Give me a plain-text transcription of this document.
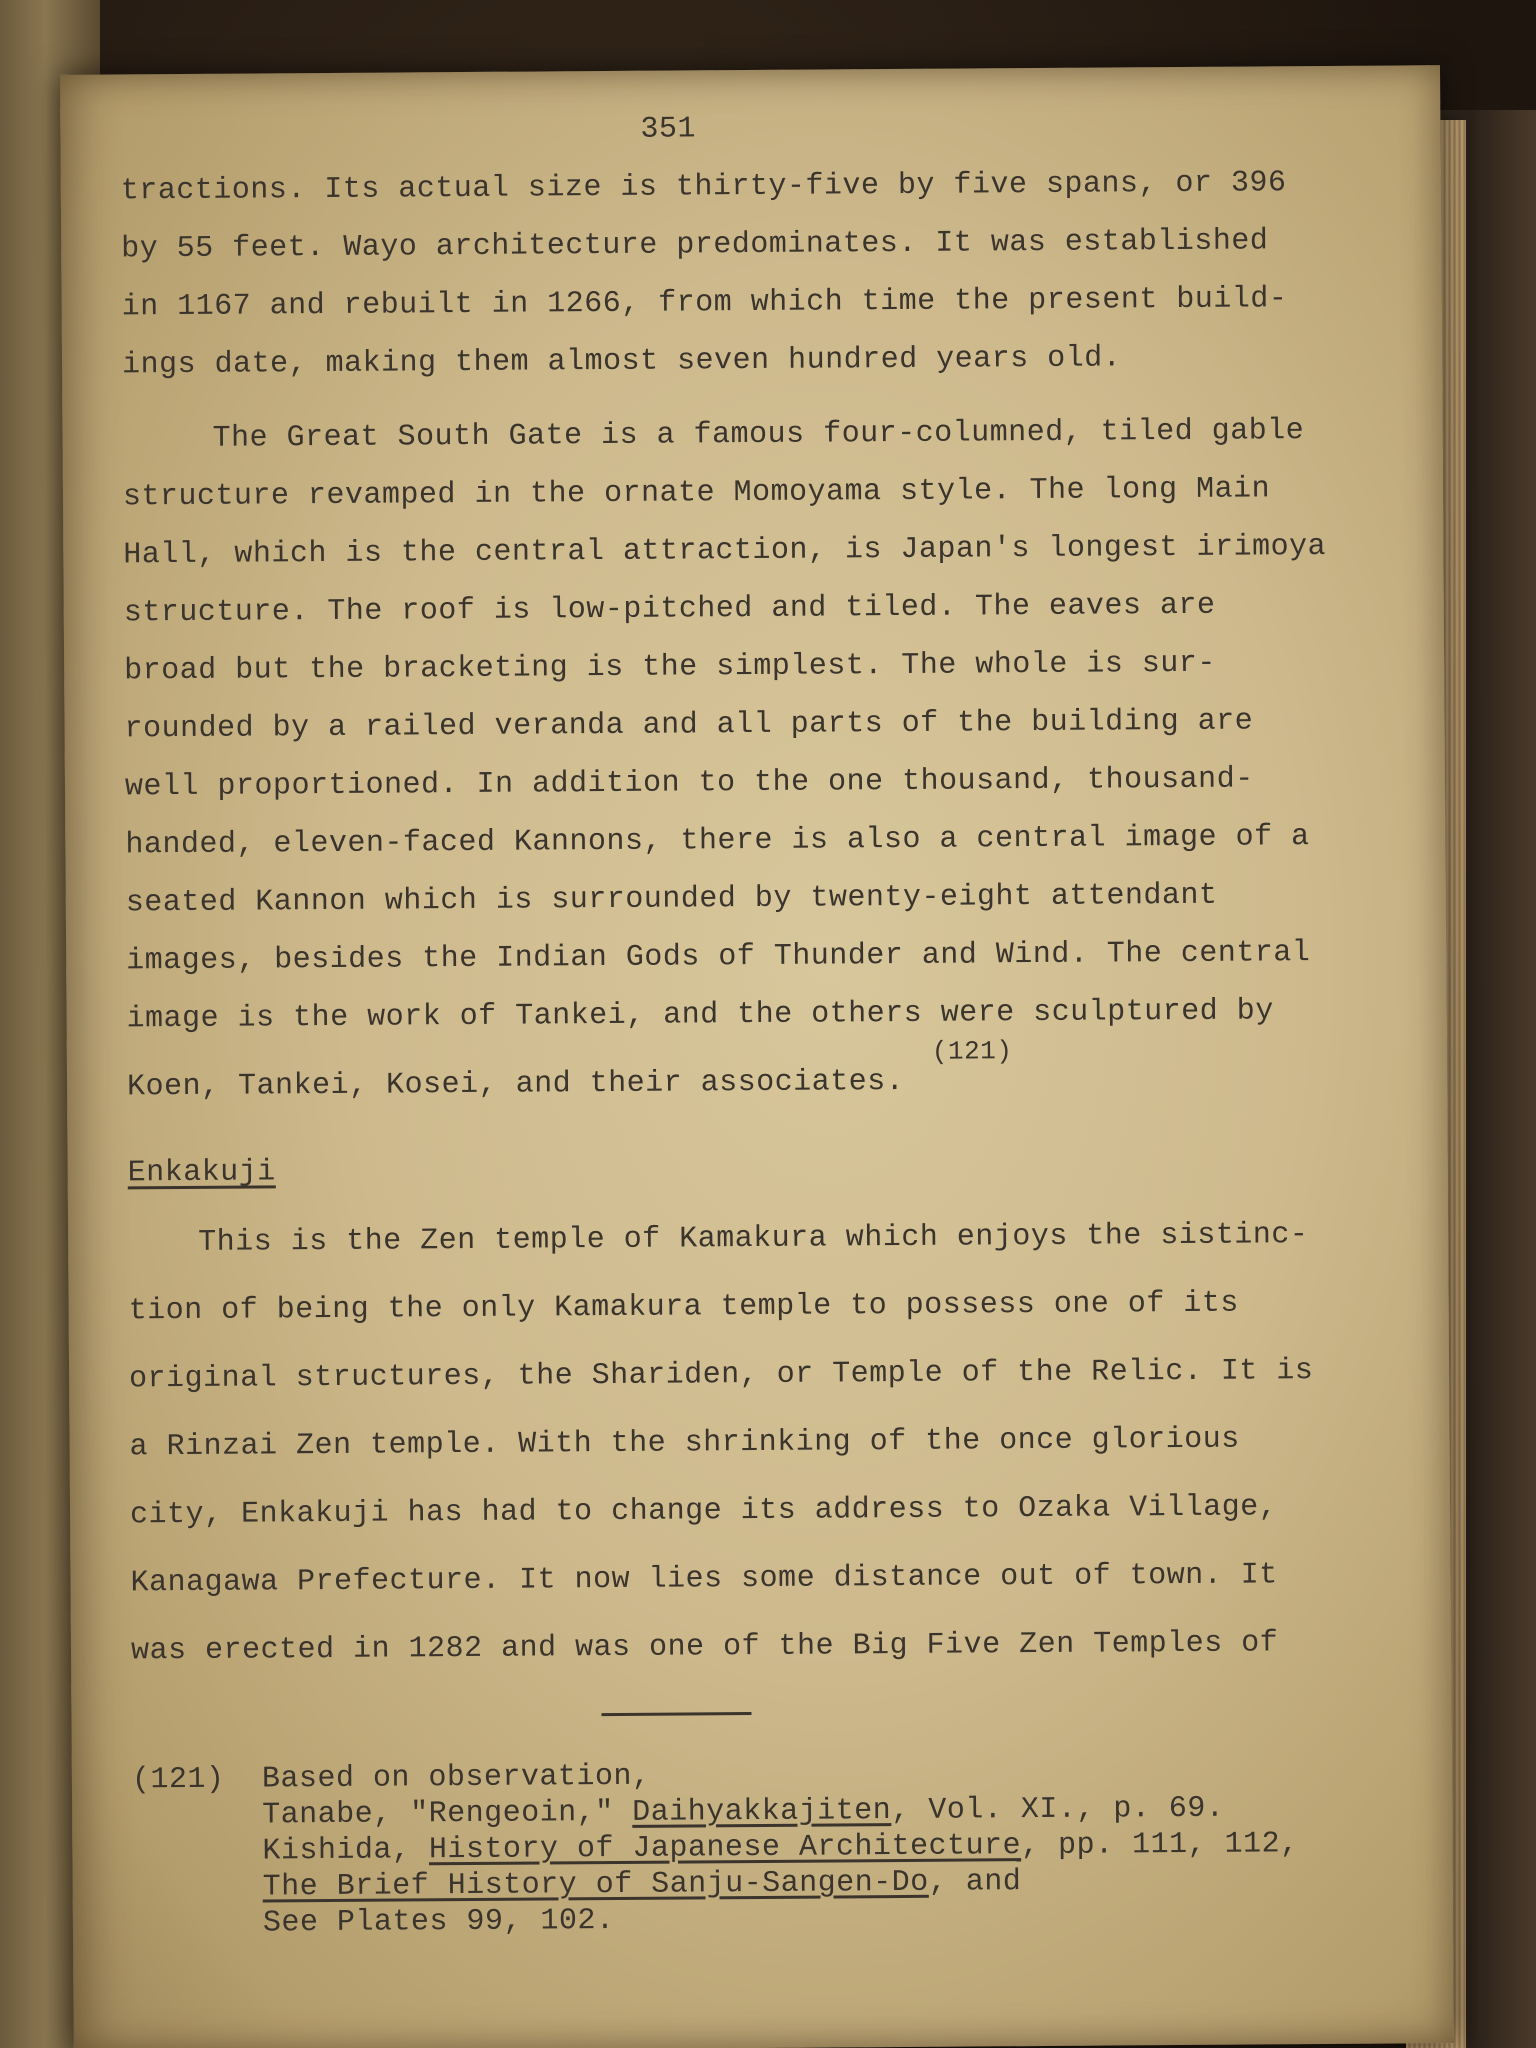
351
tractions. Its actual size is thirty-five by five spans, or 396
by 55 feet. Wayo architecture predominates. It was established
in 1167 and rebuilt in 1266, from which time the present build-
ings date, making them almost seven hundred years old.
The Great South Gate is a famous four-columned, tiled gable
structure revamped in the ornate Momoyama style. The long Main
Hall, which is the central attraction, is Japan's longest irimoya
structure. The roof is low-pitched and tiled. The eaves are
broad but the bracketing is the simplest. The whole is sur-
rounded by a railed veranda and all parts of the building are
well proportioned. In addition to the one thousand, thousand-
handed, eleven-faced Kannons, there is also a central image of a
seated Kannon which is surrounded by twenty-eight attendant
images, besides the Indian Gods of Thunder and Wind. The central
image is the work of Tankei, and the others were sculptured by
Koen, Tankei, Kosei, and their associates.
(121)
Enkakuji
This is the Zen temple of Kamakura which enjoys the sistinc-
tion of being the only Kamakura temple to possess one of its
original structures, the Shariden, or Temple of the Relic. It is
a Rinzai Zen temple. With the shrinking of the once glorious
city, Enkakuji has had to change its address to Ozaka Village,
Kanagawa Prefecture. It now lies some distance out of town. It
was erected in 1282 and was one of the Big Five Zen Temples of
(121) Based on observation,
Tanabe, "Rengeoin," Daihyakkajiten, Vol. XI., p. 69.
Kishida, History of Japanese Architecture, pp. 111, 112,
The Brief History of Sanju-Sangen-Do, and
See Plates 99, 102.
